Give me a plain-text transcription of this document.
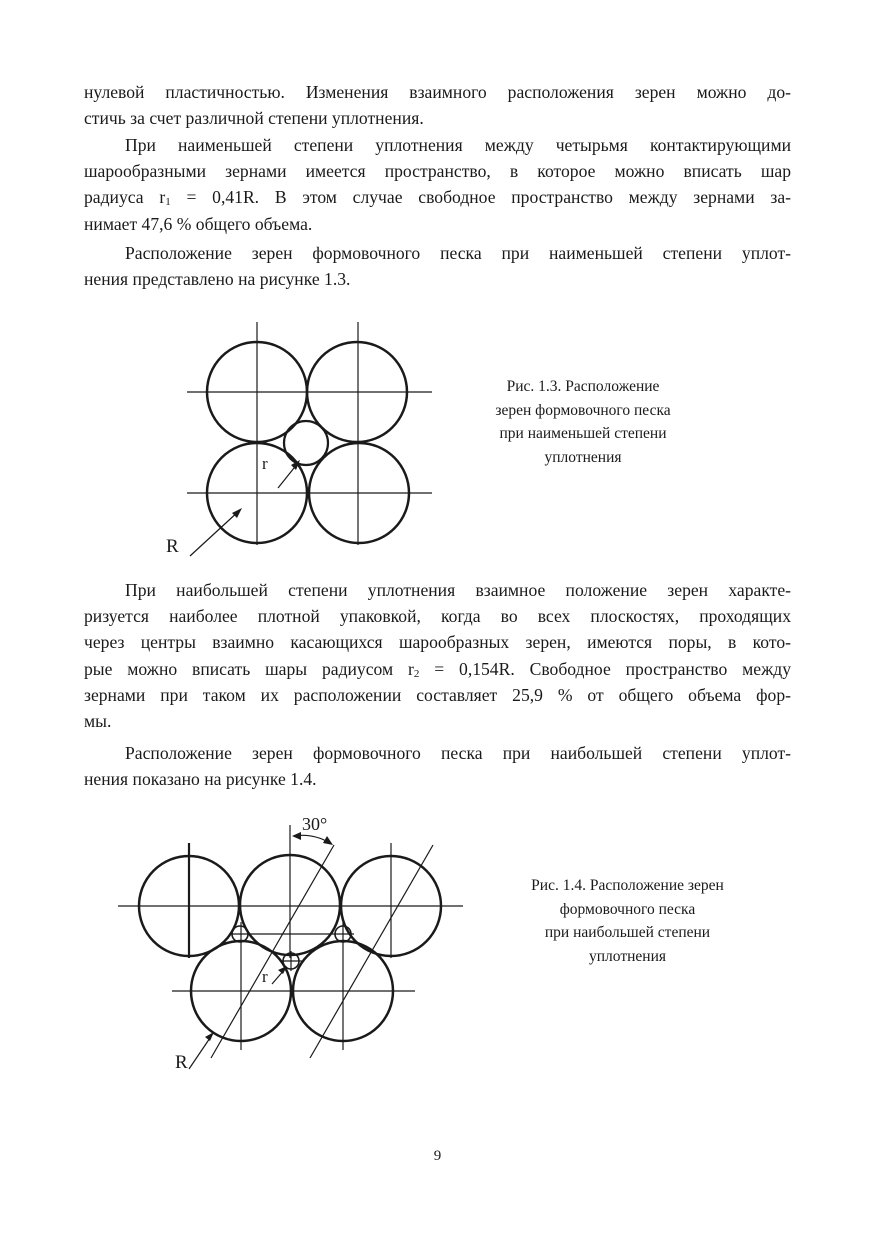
нулевой пластичностью. Изменения взаимного расположения зерен можно до-
стичь за счет различной степени уплотнения.

При наименьшей степени уплотнения между четырьмя контактирующими
шарообразными зернами имеется пространство, в которое можно вписать шар
радиуса $r_1 = 0,41R$. В этом случае свободное пространство между зернами за-
нимает 47,6 % общего объема.

Расположение зерен формовочного песка при наименьшей степени уплот-
нения представлено на рисунке 1.3.

r
R
Рис. 1.3. Расположение
зерен формовочного песка
при наименьшей степени
уплотнения

При наибольшей степени уплотнения взаимное положение зерен характе-
ризуется наиболее плотной упаковкой, когда во всех плоскостях, проходящих
через центры взаимно касающихся шарообразных зерен, имеются поры, в кото-
рые можно вписать шары радиусом $r_2 = 0,154R$. Свободное пространство между
зернами при таком их расположении составляет 25,9 % от общего объема фор-
мы.

Расположение зерен формовочного песка при наибольшей степени уплот-
нения показано на рисунке 1.4.

30°
r
R
Рис. 1.4. Расположение зерен
формовочного песка
при наибольшей степени
уплотнения
9
